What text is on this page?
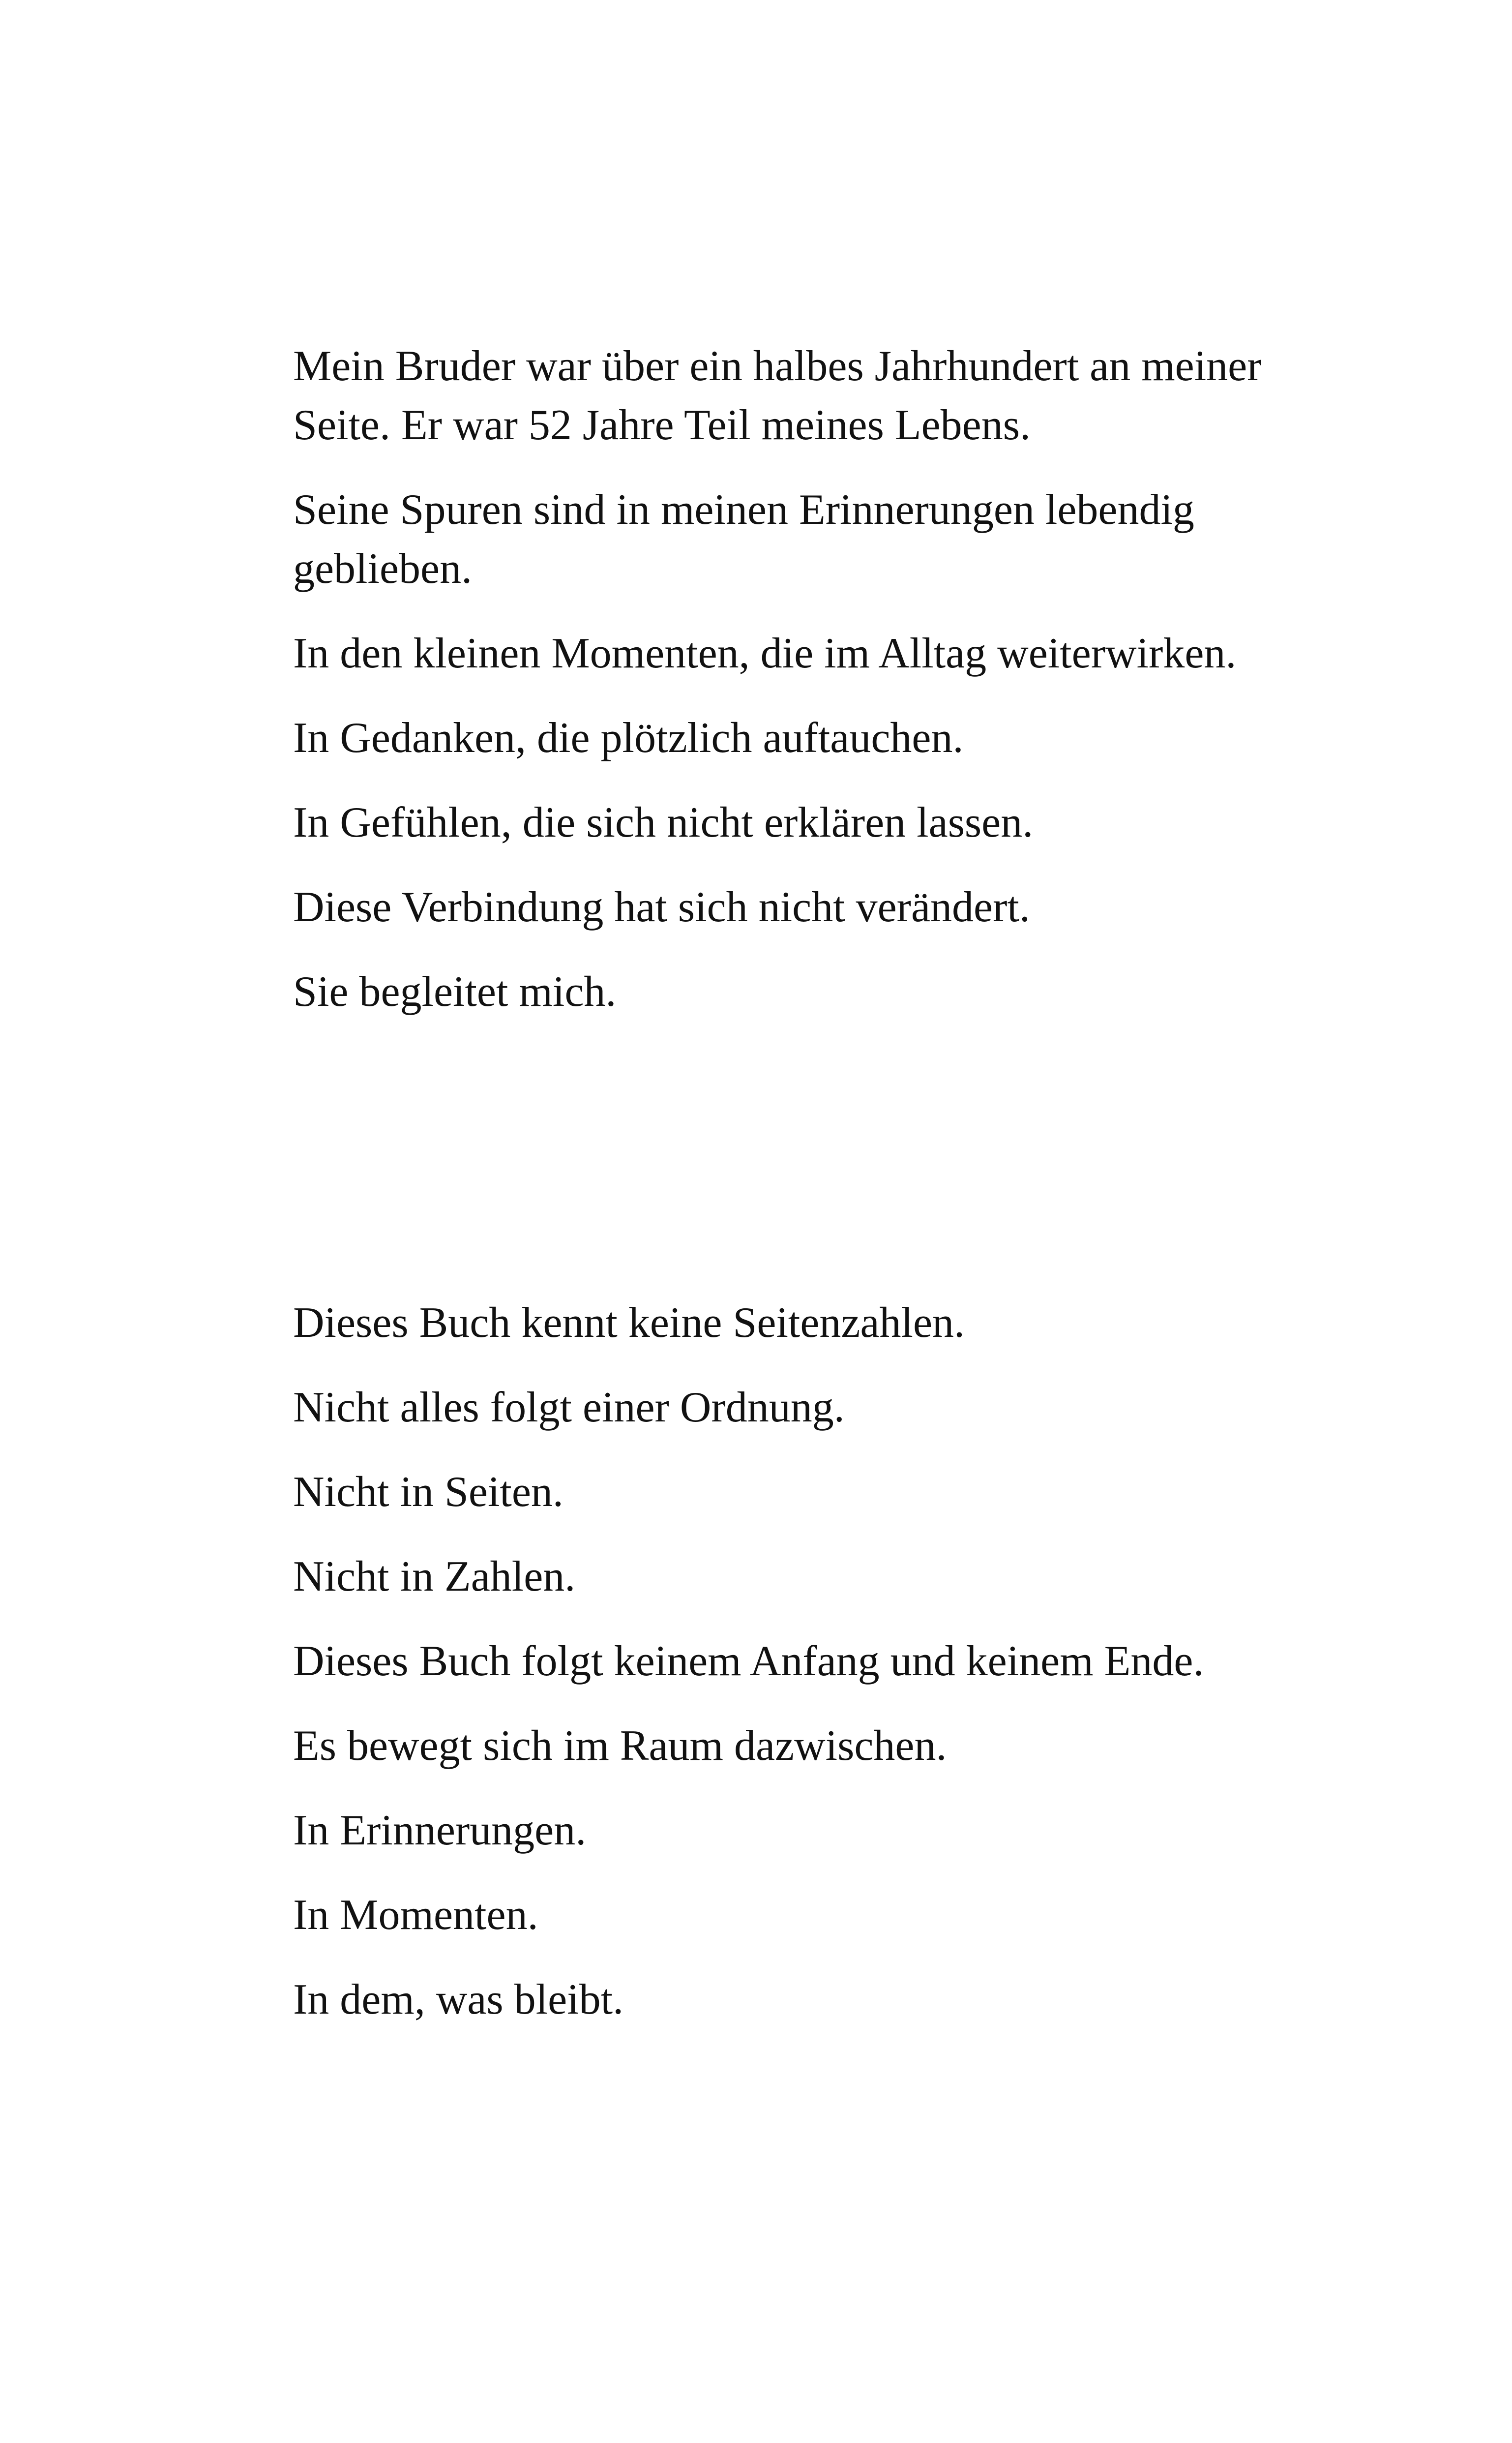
Mein Bruder war über ein halbes Jahrhundert an meiner Seite. Er war 52 Jahre Teil meines Lebens.

Seine Spuren sind in meinen Erinnerungen lebendig geblieben.

In den kleinen Momenten, die im Alltag weiterwirken.

In Gedanken, die plötzlich auftauchen.

In Gefühlen, die sich nicht erklären lassen.

Diese Verbindung hat sich nicht verändert.

Sie begleitet mich.

Dieses Buch kennt keine Seitenzahlen.

Nicht alles folgt einer Ordnung.

Nicht in Seiten.

Nicht in Zahlen.

Dieses Buch folgt keinem Anfang und keinem Ende.

Es bewegt sich im Raum dazwischen.

In Erinnerungen.

In Momenten.

In dem, was bleibt.
